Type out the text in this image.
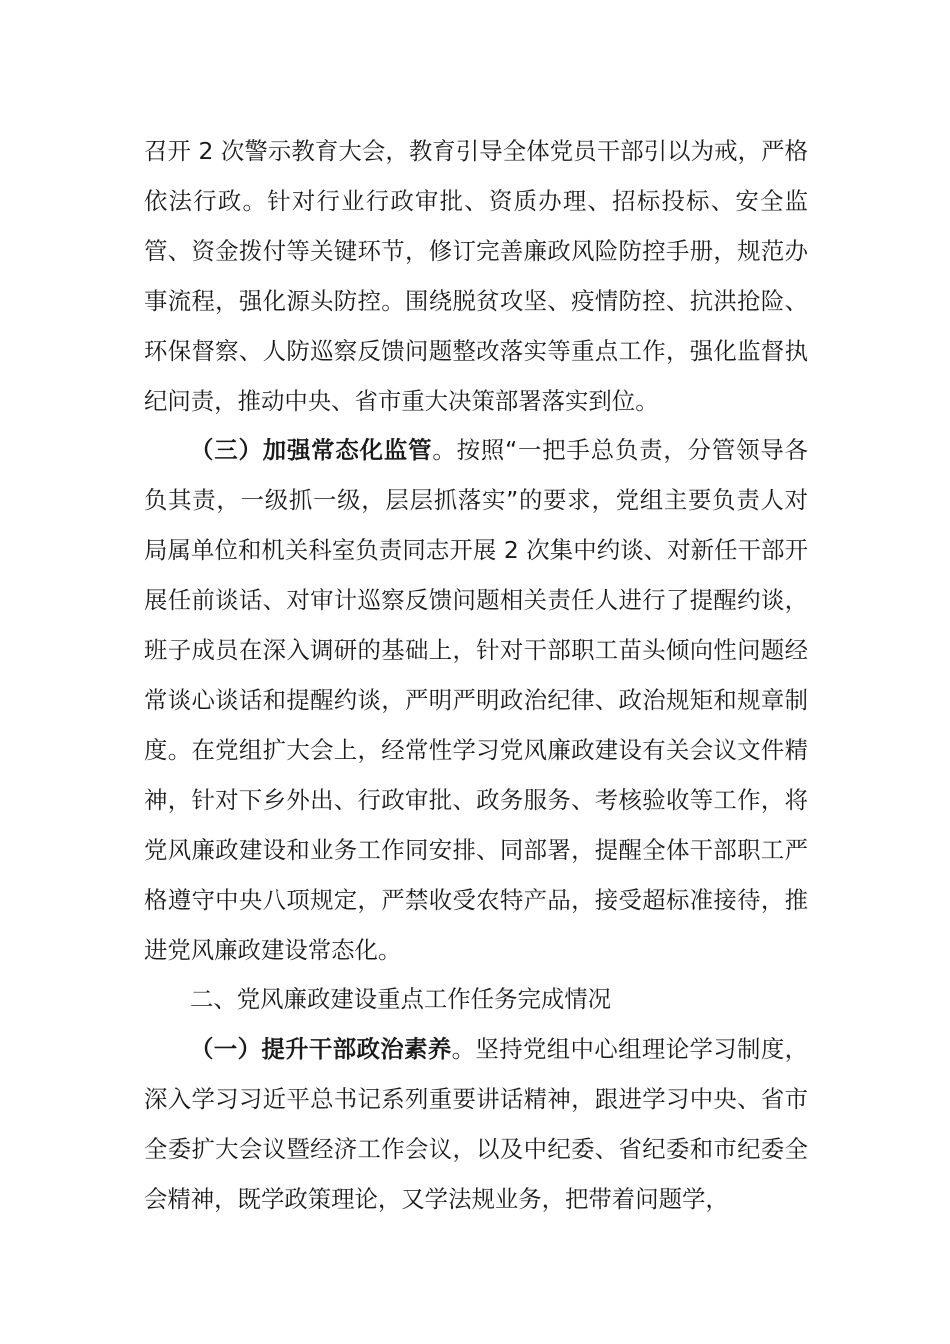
召开 2 次警示教育大会，教育引导全体党员干部引以为戒，严格依法行政。针对行业行政审批、资质办理、招标投标、安全监管、资金拨付等关键环节，修订完善廉政风险防控手册，规范办事流程，强化源头防控。围绕脱贫攻坚、疫情防控、抗洪抢险、环保督察、人防巡察反馈问题整改落实等重点工作，强化监督执纪问责，推动中央、省市重大决策部署落实到位。

（三）加强常态化监管。按照“一把手总负责，分管领导各负其责，一级抓一级，层层抓落实”的要求，党组主要负责人对局属单位和机关科室负责同志开展 2 次集中约谈、对新任干部开展任前谈话、对审计巡察反馈问题相关责任人进行了提醒约谈，班子成员在深入调研的基础上，针对干部职工苗头倾向性问题经常谈心谈话和提醒约谈，严明严明政治纪律、政治规矩和规章制度。在党组扩大会上，经常性学习党风廉政建设有关会议文件精神，针对下乡外出、行政审批、政务服务、考核验收等工作，将党风廉政建设和业务工作同安排、同部署，提醒全体干部职工严格遵守中央八项规定，严禁收受农特产品，接受超标准接待，推进党风廉政建设常态化。

二、党风廉政建设重点工作任务完成情况

（一）提升干部政治素养。坚持党组中心组理论学习制度，深入学习习近平总书记系列重要讲话精神，跟进学习中央、省市全委扩大会议暨经济工作会议，以及中纪委、省纪委和市纪委全会精神，既学政策理论，又学法规业务，把带着问题学，
